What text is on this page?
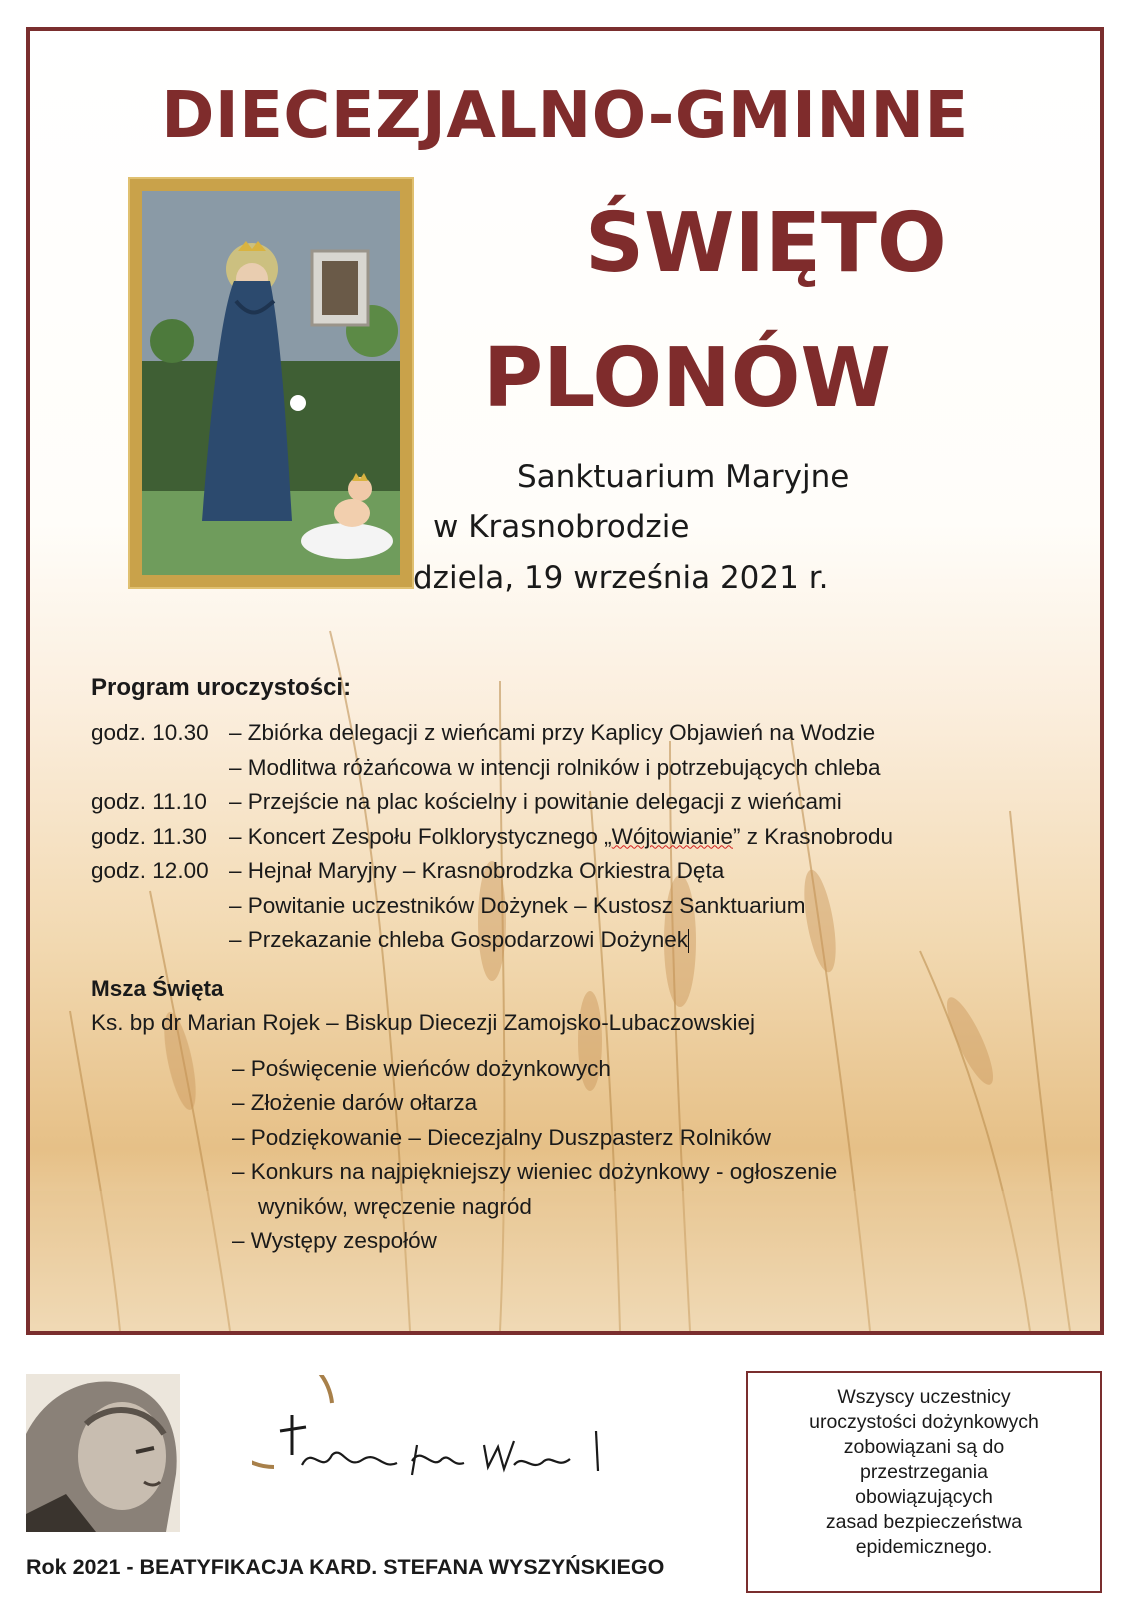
DIECEZJALNO-GMINNE
ŚWIĘTO
PLONÓW
Sanktuarium Maryjne
w Krasnobrodzie
dziela, 19 września 2021 r.
Program uroczystości:
godz. 10.30 – Zbiórka delegacji z wieńcami przy Kaplicy Objawień na Wodzie
– Modlitwa różańcowa w intencji rolników i potrzebujących chleba
godz. 11.10 – Przejście na plac kościelny i powitanie delegacji z wieńcami
godz. 11.30 – Koncert Zespołu Folklorystycznego „Wójtowianie” z Krasnobrodu
godz. 12.00 – Hejnał Maryjny – Krasnobrodzka Orkiestra Dęta
– Powitanie uczestników Dożynek – Kustosz Sanktuarium
– Przekazanie chleba Gospodarzowi Dożynek
Msza Święta
Ks. bp dr Marian Rojek – Biskup Diecezji Zamojsko-Lubaczowskiej
– Poświęcenie wieńców dożynkowych
– Złożenie darów ołtarza
– Podziękowanie – Diecezjalny Duszpasterz Rolników
– Konkurs na najpiękniejszy wieniec dożynkowy - ogłoszenie
wyników, wręczenie nagród
– Występy zespołów
Rok 2021 - BEATYFIKACJA KARD. STEFANA WYSZYŃSKIEGO
Wszyscy uczestnicy
uroczystości dożynkowych
zobowiązani są do
przestrzegania
obowiązujących
zasad bezpieczeństwa
epidemicznego.
